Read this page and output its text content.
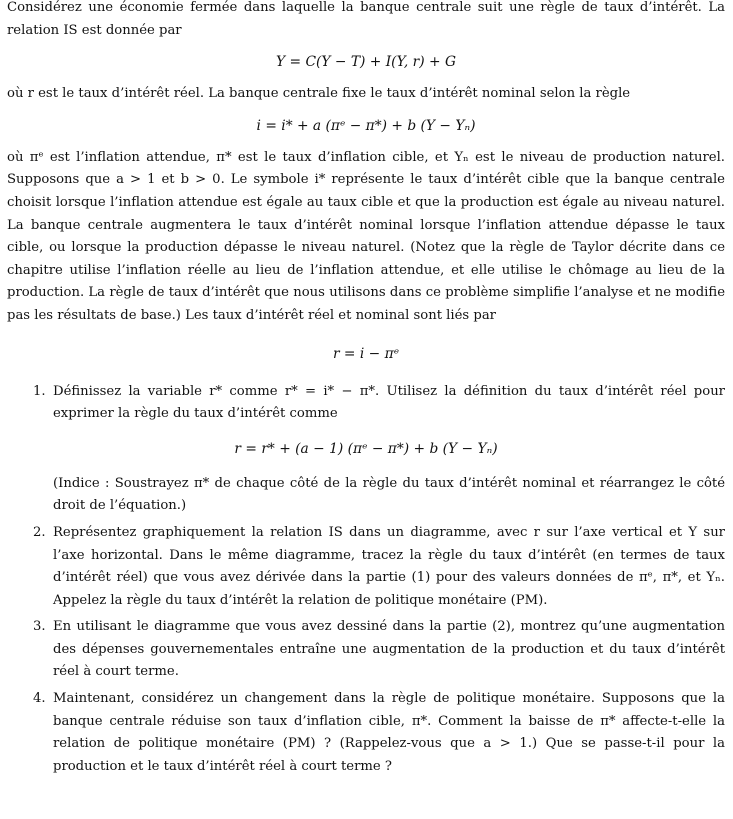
Considérez une économie fermée dans laquelle la banque centrale suit une règle de taux d’intérêt. La relation IS est donnée par

Y = C(Y − T) + I(Y, r) + G

où r est le taux d’intérêt réel. La banque centrale fixe le taux d’intérêt nominal selon la règle

i = i* + a (πᵉ − π*) + b (Y − Yₙ)

où πᵉ est l’inflation attendue, π* est le taux d’inflation cible, et Yₙ est le niveau de production naturel. Supposons que a > 1 et b > 0. Le symbole i* représente le taux d’intérêt cible que la banque centrale choisit lorsque l’inflation attendue est égale au taux cible et que la production est égale au niveau naturel. La banque centrale augmentera le taux d’intérêt nominal lorsque l’inflation attendue dépasse le taux cible, ou lorsque la production dépasse le niveau naturel. (Notez que la règle de Taylor décrite dans ce chapitre utilise l’inflation réelle au lieu de l’inflation attendue, et elle utilise le chômage au lieu de la production. La règle de taux d’intérêt que nous utilisons dans ce problème simplifie l’analyse et ne modifie pas les résultats de base.) Les taux d’intérêt réel et nominal sont liés par

r = i − πᵉ
1. Définissez la variable r* comme r* = i* − π*. Utilisez la définition du taux d’intérêt réel pour exprimer la règle du taux d’intérêt comme

r = r* + (a − 1) (πᵉ − π*) + b (Y − Yₙ)

(Indice : Soustrayez π* de chaque côté de la règle du taux d’intérêt nominal et réarrangez le côté droit de l’équation.)

2. Représentez graphiquement la relation IS dans un diagramme, avec r sur l’axe vertical et Y sur l’axe horizontal. Dans le même diagramme, tracez la règle du taux d’intérêt (en termes de taux d’intérêt réel) que vous avez dérivée dans la partie (1) pour des valeurs données de πᵉ, π*, et Yₙ. Appelez la règle du taux d’intérêt la relation de politique monétaire (PM).

3. En utilisant le diagramme que vous avez dessiné dans la partie (2), montrez qu’une augmentation des dépenses gouvernementales entraîne une augmentation de la production et du taux d’intérêt réel à court terme.

4. Maintenant, considérez un changement dans la règle de politique monétaire. Supposons que la banque centrale réduise son taux d’inflation cible, π*. Comment la baisse de π* affecte-t-elle la relation de politique monétaire (PM) ? (Rappelez-vous que a > 1.) Que se passe-t-il pour la production et le taux d’intérêt réel à court terme ?
